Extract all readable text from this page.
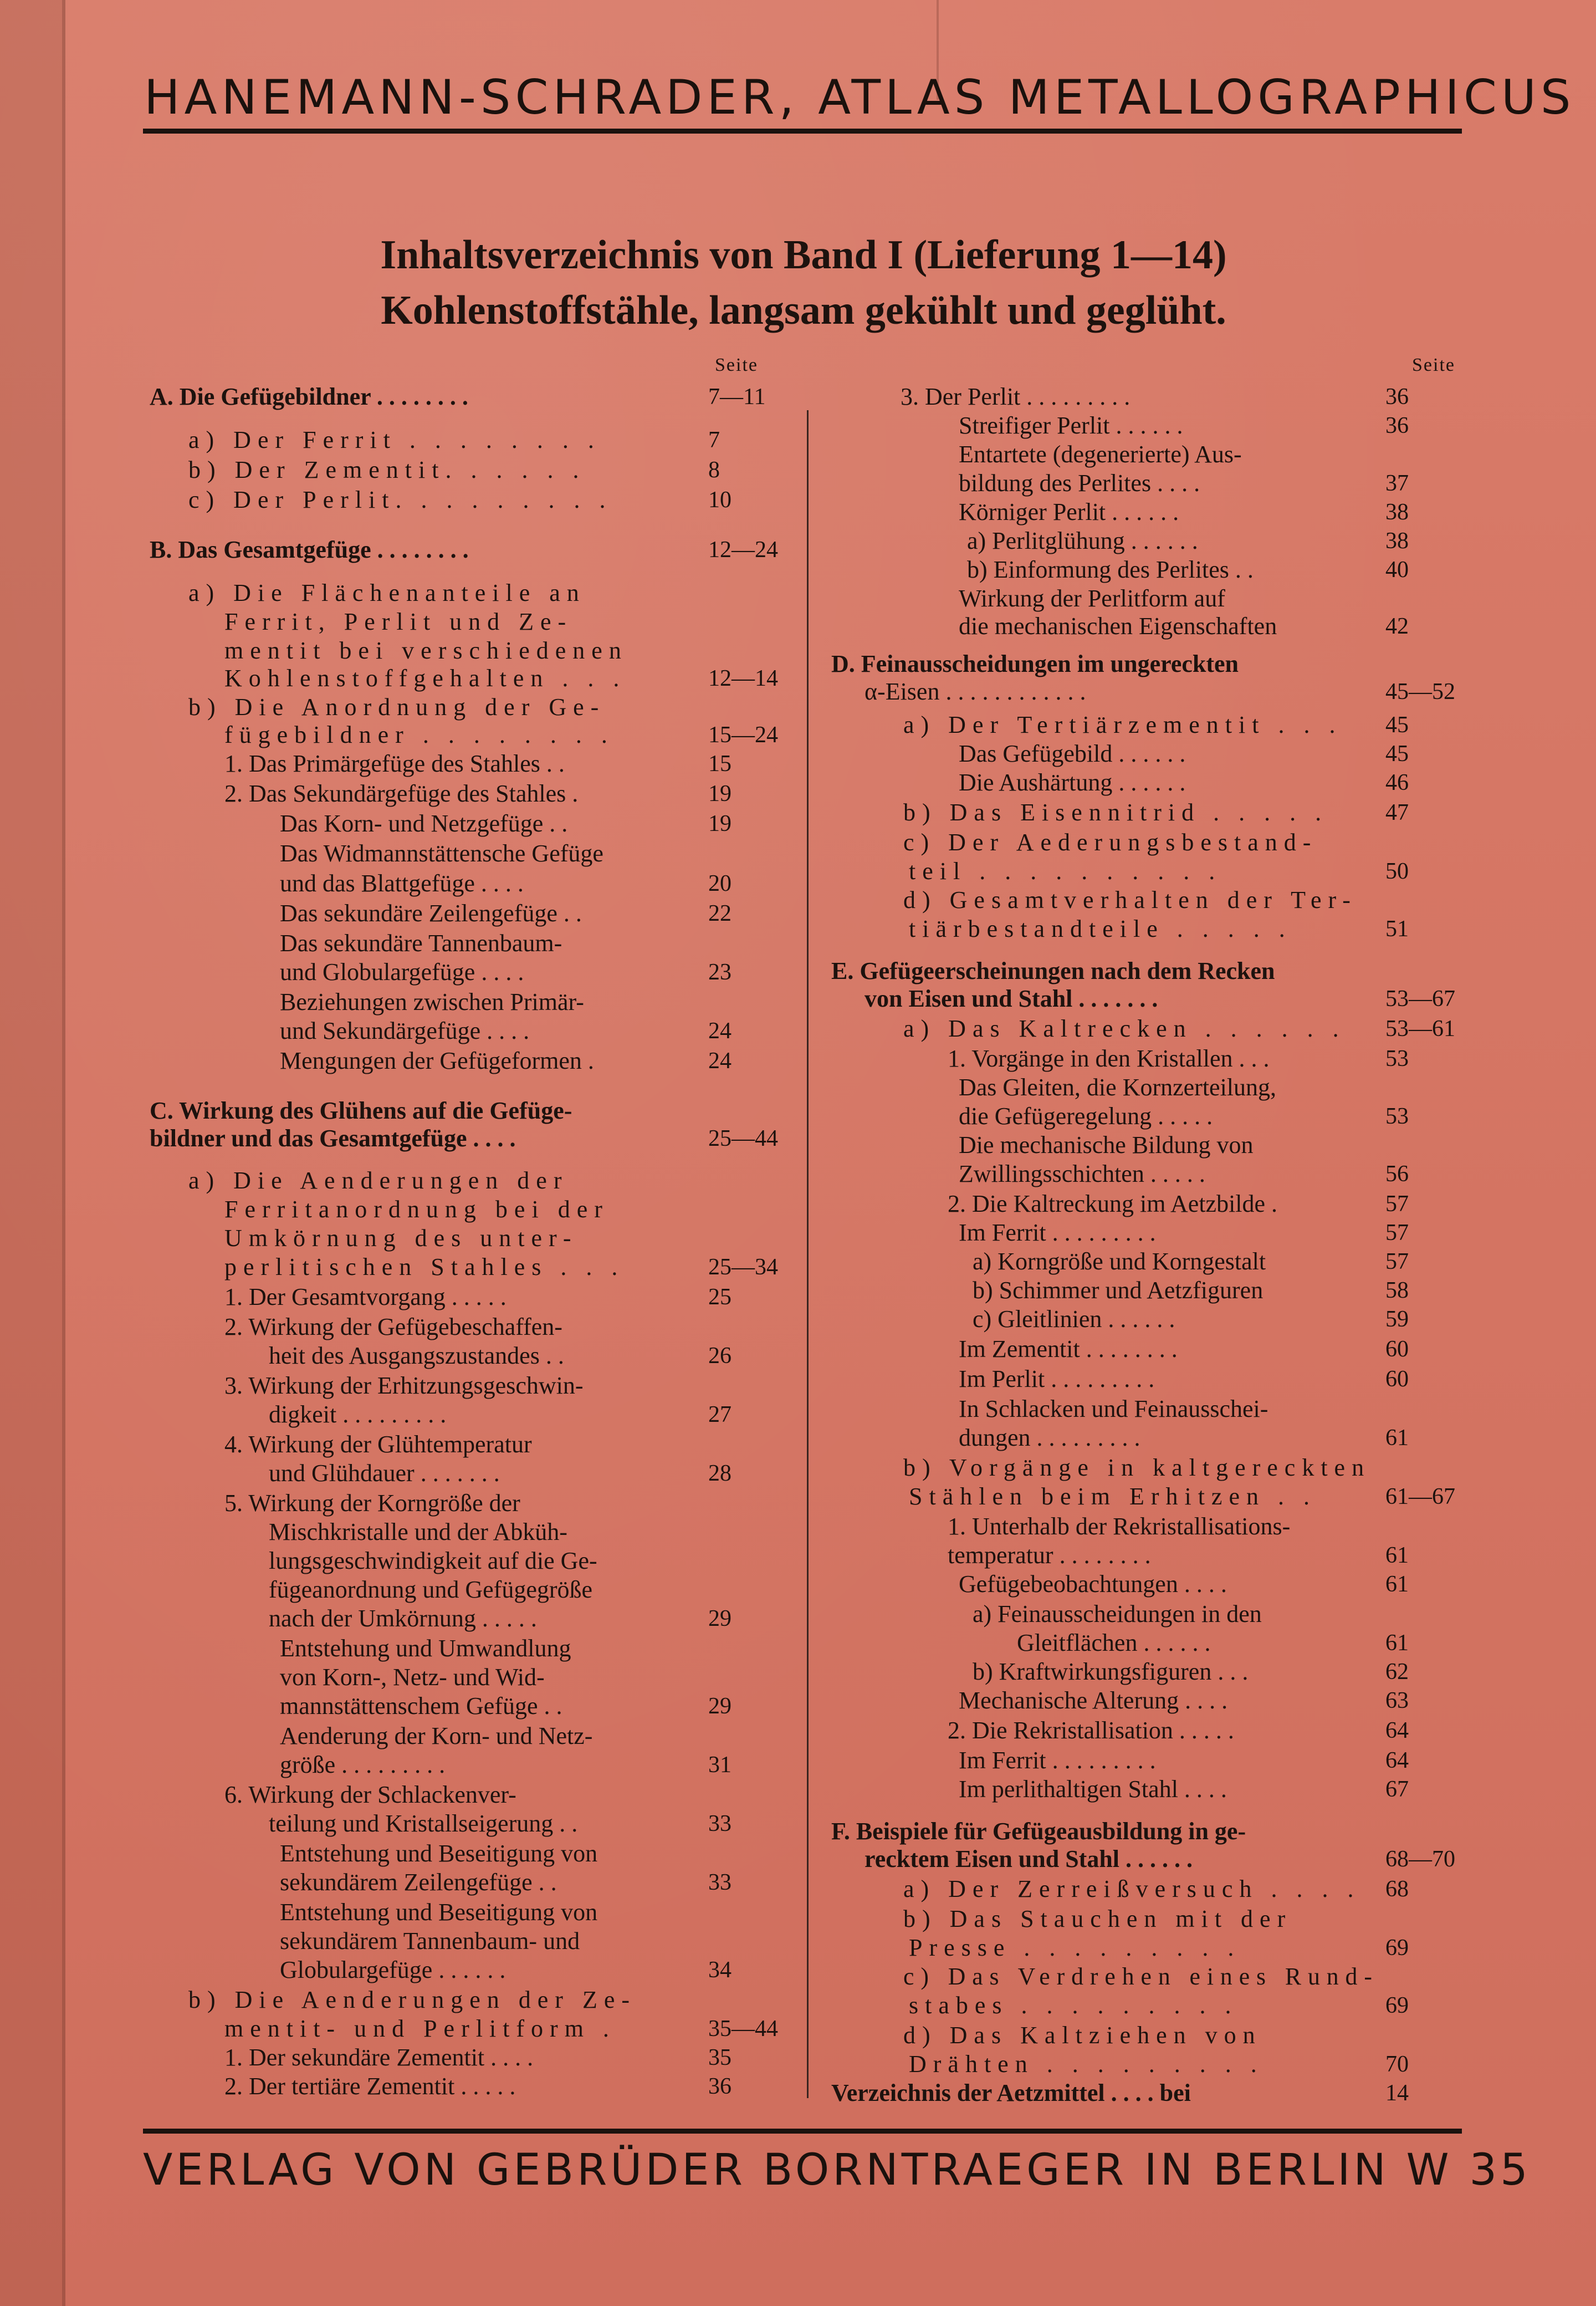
HANEMANN-SCHRADER, ATLAS METALLOGRAPHICUS
Inhaltsverzeichnis von Band I (Lieferung 1—14)
Kohlenstoffstähle, langsam gekühlt und geglüht.
Seite	Seite
A. Die Gefügebildner . . . . . . . .	7—11
a) Der Ferrit . . . . . . . .	7
b) Der Zementit. . . . . .	8
c) Der Perlit. . . . . . . . .	10
B. Das Gesamtgefüge . . . . . . . .	12—24
a) Die Flächenanteile an
Ferrit, Perlit und Ze-
mentit bei verschiedenen
Kohlenstoffgehalten . . .	12—14
b) Die Anordnung der Ge-
fügebildner . . . . . . . .	15—24
1. Das Primärgefüge des Stahles . .	15
2. Das Sekundärgefüge des Stahles .	19
Das Korn- und Netzgefüge . .	19
Das Widmannstättensche Gefüge
und das Blattgefüge . . . .	20
Das sekundäre Zeilengefüge . .	22
Das sekundäre Tannenbaum-
und Globulargefüge . . . .	23
Beziehungen zwischen Primär-
und Sekundärgefüge . . . .	24
Mengungen der Gefügeformen .	24
C. Wirkung des Glühens auf die Gefüge-
bildner und das Gesamtgefüge . . . .	25—44
a) Die Aenderungen der
Ferritanordnung bei der
Umkörnung des unter-
perlitischen Stahles . . .	25—34
1. Der Gesamtvorgang . . . . .	25
2. Wirkung der Gefügebeschaffen-
heit des Ausgangszustandes . .	26
3. Wirkung der Erhitzungsgeschwin-
digkeit . . . . . . . . .	27
4. Wirkung der Glühtemperatur
und Glühdauer . . . . . . .	28
5. Wirkung der Korngröße der
Mischkristalle und der Abküh-
lungsgeschwindigkeit auf die Ge-
fügeanordnung und Gefügegröße
nach der Umkörnung . . . . .	29
Entstehung und Umwandlung
von Korn-, Netz- und Wid-
mannstättenschem Gefüge . .	29
Aenderung der Korn- und Netz-
größe . . . . . . . . .	31
6. Wirkung der Schlackenver-
teilung und Kristallseigerung . .	33
Entstehung und Beseitigung von
sekundärem Zeilengefüge . .	33
Entstehung und Beseitigung von
sekundärem Tannenbaum- und
Globulargefüge . . . . . .	34
b) Die Aenderungen der Ze-
mentit- und Perlitform .	35—44
1. Der sekundäre Zementit . . . .	35
2. Der tertiäre Zementit . . . . .	36
3. Der Perlit . . . . . . . . .	36
Streifiger Perlit . . . . . .	36
Entartete (degenerierte) Aus-
bildung des Perlites . . . .	37
Körniger Perlit . . . . . .	38
a) Perlitglühung . . . . . .	38
b) Einformung des Perlites . .	40
Wirkung der Perlitform auf
die mechanischen Eigenschaften	42
D. Feinausscheidungen im ungereckten
α-Eisen . . . . . . . . . . . .	45—52
a) Der Tertiärzementit . . . 45
Das Gefügebild . . . . . .	45
Die Aushärtung . . . . . .	46
b) Das Eisennitrid . . . . . 47
c) Der Aederungsbestand-
teil . . . . . . . . . .	50
d) Gesamtverhalten der Ter-
tiärbestandteile . . . . .	51
E. Gefügeerscheinungen nach dem Recken
von Eisen und Stahl . . . . . . .	53—67
a) Das Kaltrecken . . . . . . 53—61
1. Vorgänge in den Kristallen . . .	53
Das Gleiten, die Kornzerteilung,
die Gefügeregelung . . . . .	53
Die mechanische Bildung von
Zwillingsschichten . . . . .	56
2. Die Kaltreckung im Aetzbilde .	57
Im Ferrit . . . . . . . . .	57
a) Korngröße und Korngestalt	57
b) Schimmer und Aetzfiguren	58
c) Gleitlinien . . . . . .	59
Im Zementit . . . . . . . .	60
Im Perlit . . . . . . . . .	60
In Schlacken und Feinausschei-
dungen . . . . . . . . .	61
b) Vorgänge in kaltgereckten
Stählen beim Erhitzen . .	61—67
1. Unterhalb der Rekristallisations-
temperatur . . . . . . . .	61
Gefügebeobachtungen . . . .	61
a) Feinausscheidungen in den
Gleitflächen . . . . . .	61
b) Kraftwirkungsfiguren . . .	62
Mechanische Alterung . . . .	63
2. Die Rekristallisation . . . . .	64
Im Ferrit . . . . . . . . .	64
Im perlithaltigen Stahl . . . .	67
F. Beispiele für Gefügeausbildung in ge-
recktem Eisen und Stahl . . . . . .	68—70
a) Der Zerreißversuch . . . . 68
b) Das Stauchen mit der
Presse . . . . . . . . .	69
c) Das Verdrehen eines Rund-
stabes . . . . . . . . .	69
d) Das Kaltziehen von
Drähten . . . . . . . . .	70
Verzeichnis der Aetzmittel . . . . bei	14
VERLAG VON GEBRÜDER BORNTRAEGER IN BERLIN W 35
